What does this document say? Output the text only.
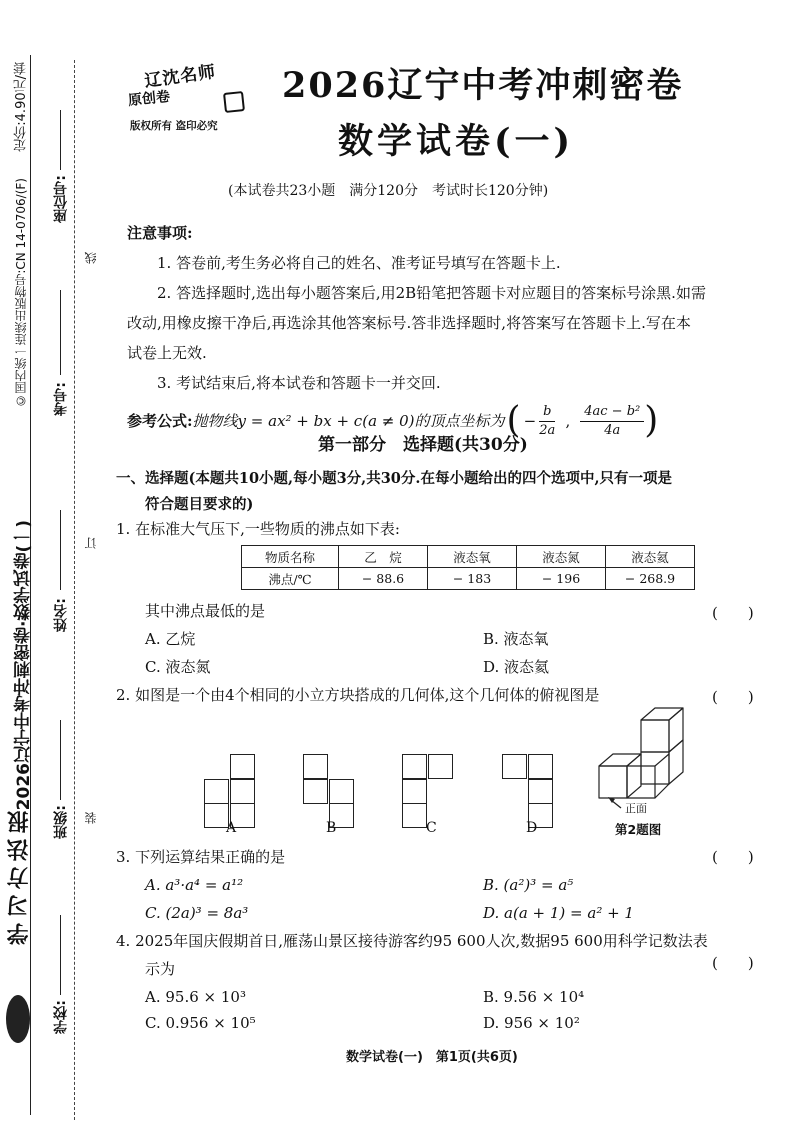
定价:4.90元/套
©国内统一连续出版物号:CN 14-0706/(F)
2026辽宁中考冲刺密卷·数学试卷(一)
学习方法报
座位号:
考号:
姓名:
班级:
学校:
线
订
装
辽沈名师
原创卷
版权所有 盗印必究
2026辽宁中考冲刺密卷
数学试卷(一)
(本试卷共23小题　满分120分　考试时长120分钟)
注意事项:
1. 答卷前,考生务必将自己的姓名、准考证号填写在答题卡上.
2. 答选择题时,选出每小题答案后,用2B铅笔把答题卡对应题目的答案标号涂黑.如需
改动,用橡皮擦干净后,再选涂其他答案标号.答非选择题时,将答案写在答题卡上.写在本
试卷上无效.
3. 考试结束后,将本试卷和答题卡一并交回.
参考公式: 抛物线y = ax² + bx + c(a ≠ 0)的顶点坐标为 ( − $\frac{b}{2a}$ ,
4ac − b²
4a )
第一部分　选择题(共30分)
一、选择题(本题共10小题,每小题3分,共30分.在每小题给出的四个选项中,只有一项是
符合题目要求的)
1. 在标准大气压下,一些物质的沸点如下表:
物质名称	乙　烷	液态氧	液态氮	液态氦
沸点/℃	− 88.6	− 183	− 196	− 268.9
其中沸点最低的是	(　　)
A. 乙烷	B. 液态氧
C. 液态氮	D. 液态氦
2. 如图是一个由4个相同的小立方块搭成的几何体,这个几何体的俯视图是	(　　)
A	B	C	D
正面
第2题图
3. 下列运算结果正确的是	(　　)
A. a³·a⁴ = a¹²	B. (a²)³ = a⁵
C. (2a)³ = 8a³	D. a(a + 1) = a² + 1
4. 2025年国庆假期首日,雁荡山景区接待游客约95 600人次,数据95 600用科学记数法表
示为	(　　)
A. 95.6 × 10³	B. 9.56 × 10⁴
C. 0.956 × 10⁵	D. 956 × 10²
数学试卷(一)　第1页(共6页)
